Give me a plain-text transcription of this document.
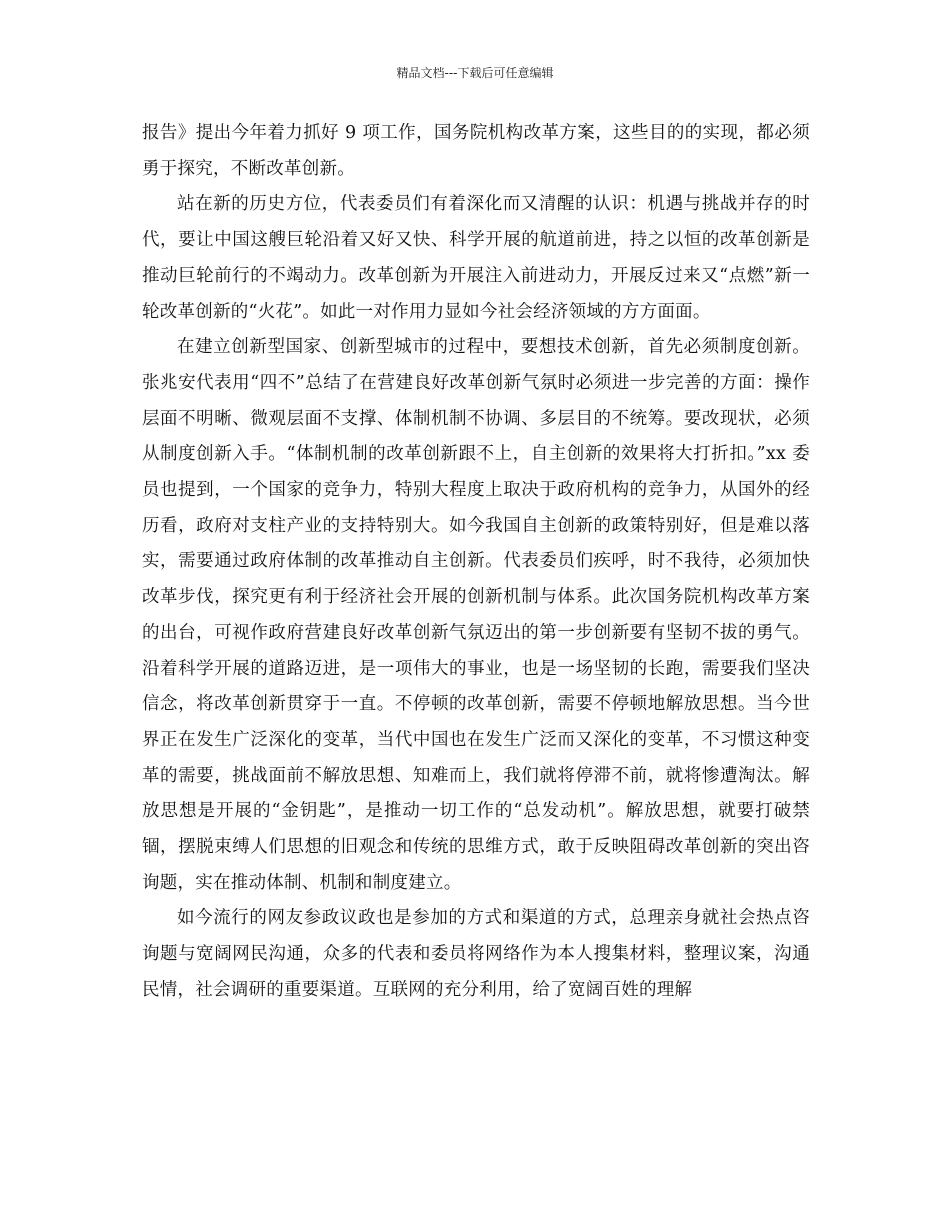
精品文档---下载后可任意编辑

报告》提出今年着力抓好 9 项工作，国务院机构改革方案，这些目的的实现，都必须勇于探究，不断改革创新。

站在新的历史方位，代表委员们有着深化而又清醒的认识：机遇与挑战并存的时代，要让中国这艘巨轮沿着又好又快、科学开展的航道前进，持之以恒的改革创新是推动巨轮前行的不竭动力。改革创新为开展注入前进动力，开展反过来又“点燃”新一轮改革创新的“火花”。如此一对作用力显如今社会经济领域的方方面面。

在建立创新型国家、创新型城市的过程中，要想技术创新，首先必须制度创新。张兆安代表用“四不”总结了在营建良好改革创新气氛时必须进一步完善的方面：操作层面不明晰、微观层面不支撑、体制机制不协调、多层目的不统筹。要改现状，必须从制度创新入手。“体制机制的改革创新跟不上，自主创新的效果将大打折扣。”xx 委员也提到，一个国家的竞争力，特别大程度上取决于政府机构的竞争力，从国外的经历看，政府对支柱产业的支持特别大。如今我国自主创新的政策特别好，但是难以落实，需要通过政府体制的改革推动自主创新。代表委员们疾呼，时不我待，必须加快改革步伐，探究更有利于经济社会开展的创新机制与体系。此次国务院机构改革方案的出台，可视作政府营建良好改革创新气氛迈出的第一步创新要有坚韧不拔的勇气。沿着科学开展的道路迈进，是一项伟大的事业，也是一场坚韧的长跑，需要我们坚决信念，将改革创新贯穿于一直。不停顿的改革创新，需要不停顿地解放思想。当今世界正在发生广泛深化的变革，当代中国也在发生广泛而又深化的变革，不习惯这种变革的需要，挑战面前不解放思想、知难而上，我们就将停滞不前，就将惨遭淘汰。解放思想是开展的“金钥匙”，是推动一切工作的“总发动机”。解放思想，就要打破禁锢，摆脱束缚人们思想的旧观念和传统的思维方式，敢于反映阻碍改革创新的突出咨询题，实在推动体制、机制和制度建立。

如今流行的网友参政议政也是参加的方式和渠道的方式，总理亲身就社会热点咨询题与宽阔网民沟通，众多的代表和委员将网络作为本人搜集材料，整理议案，沟通民情，社会调研的重要渠道。互联网的充分利用，给了宽阔百姓的理解
